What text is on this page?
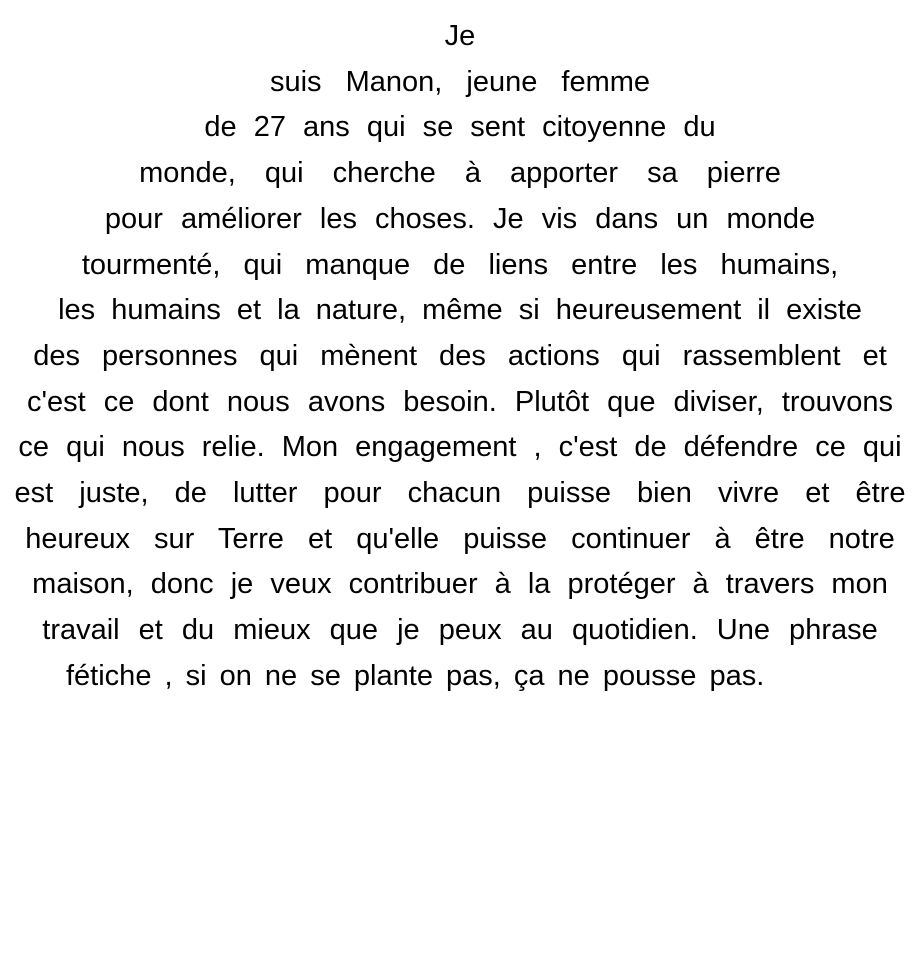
Je
suis Manon, jeune femme
de 27 ans qui se sent citoyenne du
monde, qui cherche à apporter sa pierre
pour améliorer les choses. Je vis dans un monde
tourmenté, qui manque de liens entre les humains,
les humains et la nature, même si heureusement il existe
des personnes qui mènent des actions qui rassemblent et
c'est ce dont nous avons besoin. Plutôt que diviser, trouvons
ce qui nous relie. Mon engagement , c'est de défendre ce qui
est juste, de lutter pour chacun puisse bien vivre et être
heureux sur Terre et qu'elle puisse continuer à être notre
maison, donc je veux contribuer à la protéger à travers mon
travail et du mieux que je peux au quotidien. Une phrase
fétiche , si on ne se plante pas, ça ne pousse pas.
